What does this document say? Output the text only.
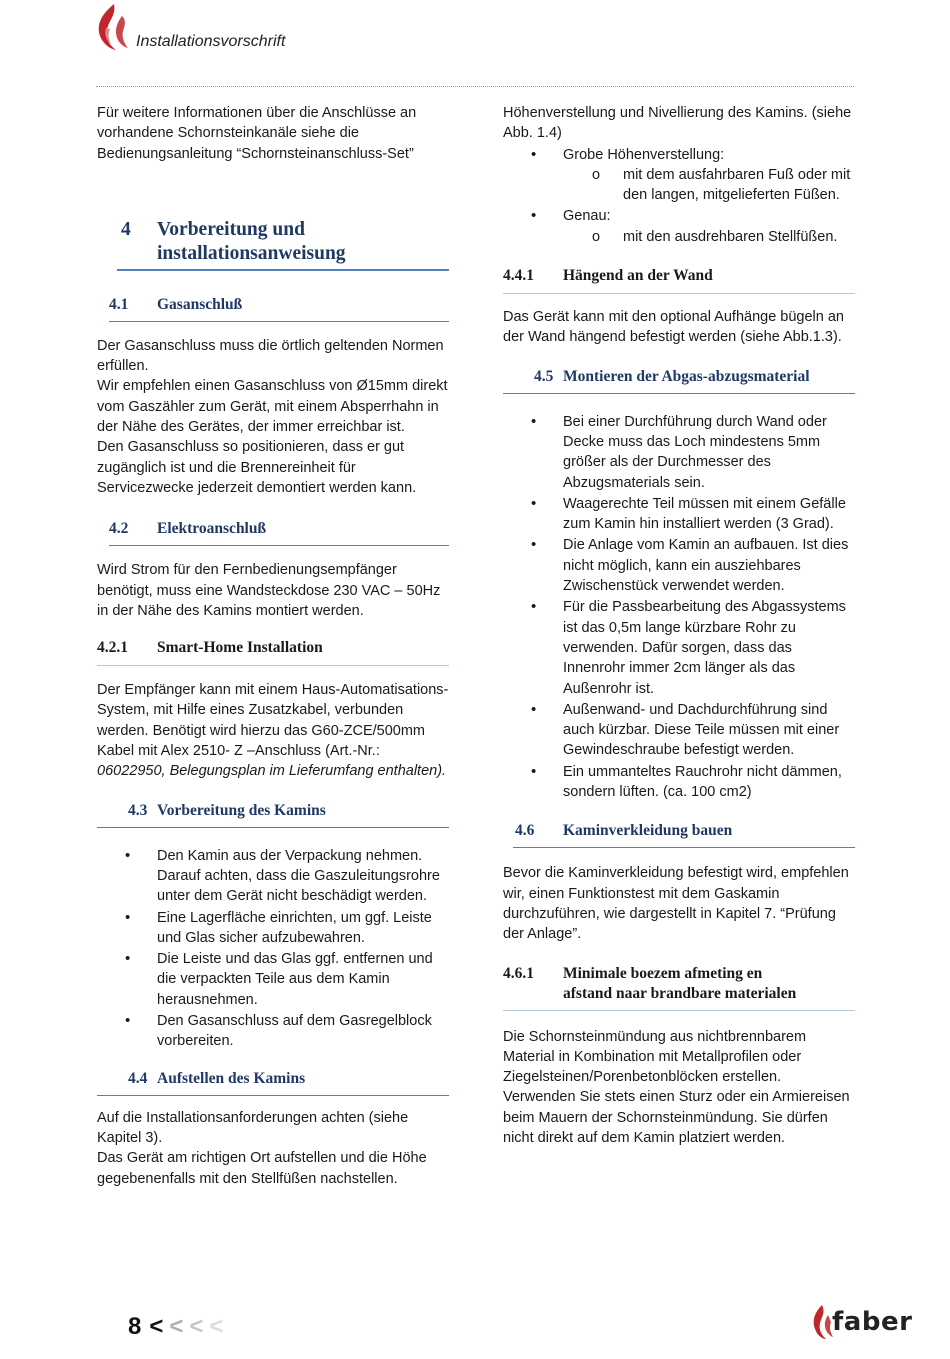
Installationsvorschrift

Für weitere Informationen über die Anschlüsse an vorhandene Schornsteinkanäle siehe die Bedienungsanleitung “Schornsteinanschluss-Set”

4 Vorbereitung und
installationsanweisung
4.1 Gasanschluß

Der Gasanschluss muss die örtlich geltenden Normen erfüllen.

Wir empfehlen einen Gasanschluss von Ø15mm direkt vom Gaszähler zum Gerät, mit einem Absperrhahn in der Nähe des Gerätes, der immer erreichbar ist.

Den Gasanschluss so positionieren, dass er gut zugänglich ist und die Brennereinheit für Servicezwecke jederzeit demontiert werden kann.

4.2 Elektroanschluß

Wird Strom für den Fernbedienungsempfänger benötigt, muss eine Wandsteckdose 230 VAC – 50Hz in der Nähe des Kamins montiert werden.

4.2.1 Smart-Home Installation

Der Empfänger kann mit einem Haus-Automatisations-System, mit Hilfe eines Zusatzkabel, verbunden werden. Benötigt wird hierzu das G60-ZCE/500mm Kabel mit Alex 2510- Z –Anschluss (Art.-Nr.: 06022950, Belegungsplan im Lieferumfang enthalten).

4.3 Vorbereitung des Kamins
• Den Kamin aus der Verpackung nehmen. Darauf achten, dass die Gaszuleitungsrohre unter dem Gerät nicht beschädigt werden.
• Eine Lagerfläche einrichten, um ggf. Leiste und Glas sicher aufzubewahren.
• Die Leiste und das Glas ggf. entfernen und die verpackten Teile aus dem Kamin herausnehmen.
• Den Gasanschluss auf dem Gasregelblock vorbereiten.
4.4 Aufstellen des Kamins

Auf die Installationsanforderungen achten (siehe Kapitel 3).

Das Gerät am richtigen Ort aufstellen und die Höhe gegebenenfalls mit den Stellfüßen nachstellen.

Höhenverstellung und Nivellierung des Kamins. (siehe Abb. 1.4)

• Grobe Höhenverstellung:
o mit dem ausfahrbaren Fuß oder mit den langen, mitgelieferten Füßen.
• Genau:
o mit den ausdrehbaren Stellfüßen.
4.4.1 Hängend an der Wand

Das Gerät kann mit den optional Aufhänge bügeln an der Wand hängend befestigt werden (siehe Abb.1.3).

4.5 Montieren der Abgas-abzugsmaterial
• Bei einer Durchführung durch Wand oder Decke muss das Loch mindestens 5mm größer als der Durchmesser des Abzugsmaterials sein.
• Waagerechte Teil müssen mit einem Gefälle zum Kamin hin installiert werden (3 Grad).
• Die Anlage vom Kamin an aufbauen. Ist dies nicht möglich, kann ein ausziehbares Zwischenstück verwendet werden.
• Für die Passbearbeitung des Abgassystems ist das 0,5m lange kürzbare Rohr zu verwenden. Dafür sorgen, dass das Innenrohr immer 2cm länger als das Außenrohr ist.
• Außenwand- und Dachdurchführung sind auch kürzbar. Diese Teile müssen mit einer Gewindeschraube befestigt werden.
• Ein ummanteltes Rauchrohr nicht dämmen, sondern lüften. (ca. 100 cm2)
4.6 Kaminverkleidung bauen

Bevor die Kaminverkleidung befestigt wird, empfehlen wir, einen Funktionstest mit dem Gaskamin durchzuführen, wie dargestellt in Kapitel 7. “Prüfung der Anlage”.

4.6.1 Minimale boezem afmeting en
afstand naar brandbare materialen

Die Schornsteinmündung aus nichtbrennbarem Material in Kombination mit Metallprofilen oder Ziegelsteinen/Porenbetonblöcken erstellen. Verwenden Sie stets einen Sturz oder ein Armiereisen beim Mauern der Schornsteinmündung. Sie dürfen nicht direkt auf dem Kamin platziert werden.

8 < < < <	faber
